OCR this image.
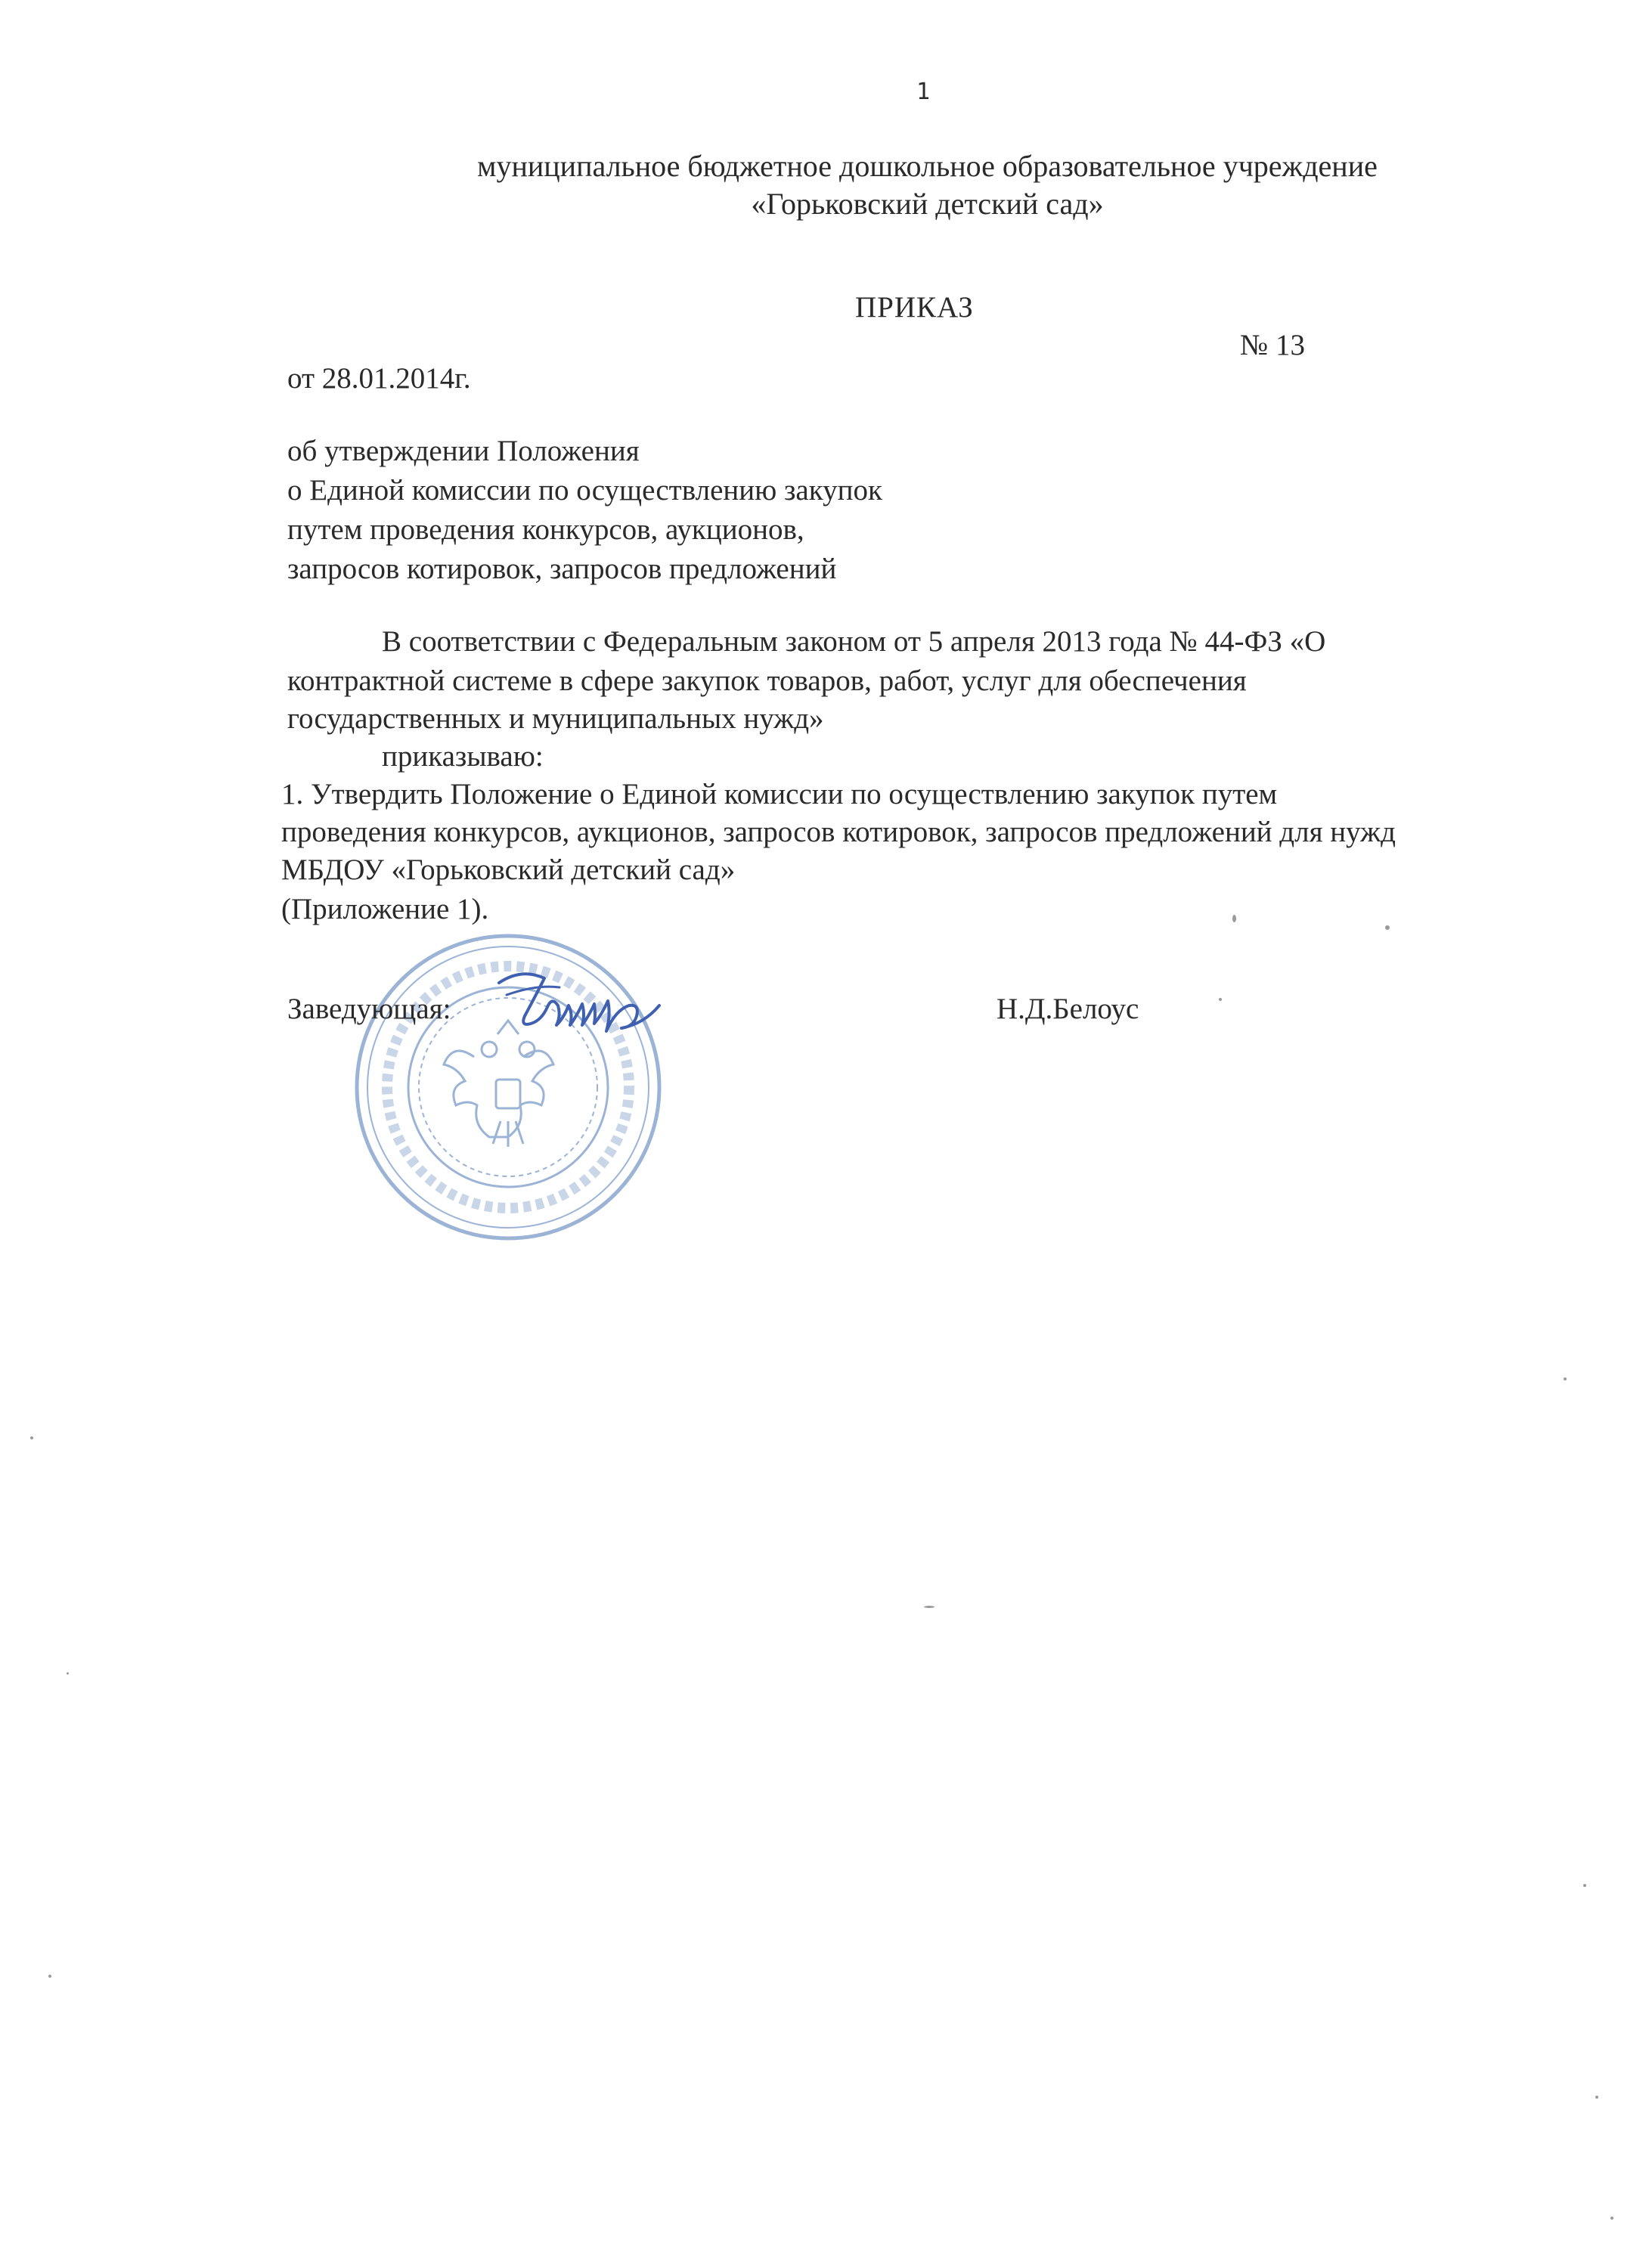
1

муниципальное бюджетное дошкольное образовательное учреждение

«Горьковский детский сад»

ПРИКАЗ

№ 13

от 28.01.2014г.

об утверждении Положения

о Единой комиссии по осуществлению закупок

путем проведения конкурсов, аукционов,

запросов котировок, запросов предложений

В соответствии с Федеральным законом от 5 апреля 2013 года № 44-ФЗ «О

контрактной системе в сфере закупок товаров, работ, услуг для обеспечения

государственных и муниципальных нужд»

приказываю:

1. Утвердить Положение о Единой комиссии по осуществлению закупок путем

проведения конкурсов, аукционов, запросов котировок, запросов предложений для нужд

МБДОУ «Горьковский детский сад»

(Приложение 1).

Заведующая:	Н.Д.Белоус
